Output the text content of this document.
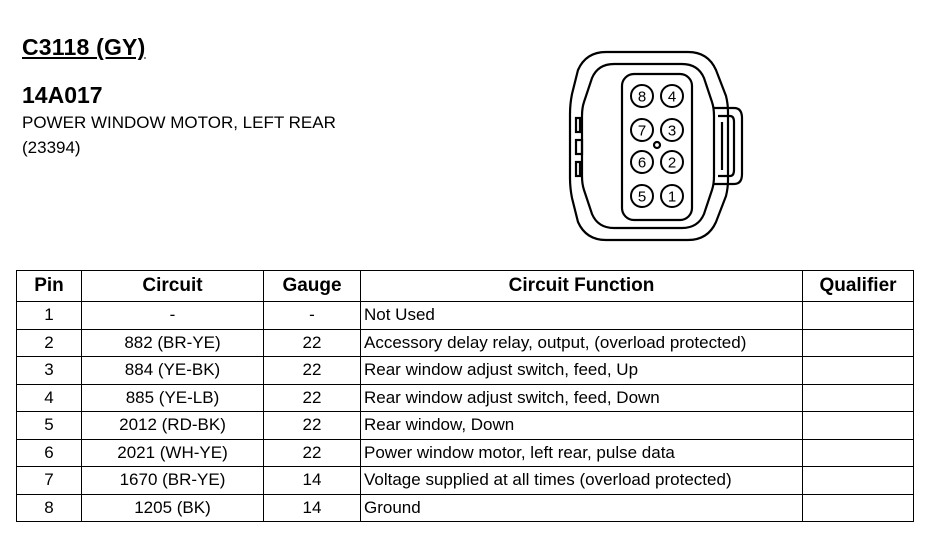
C3118 (GY)
14A017
POWER WINDOW MOTOR, LEFT REAR
(23394)
8 4
7 3
6 2
5 1
Pin	Circuit	Gauge	Circuit Function	Qualifier
1	-	-	Not Used	
2	882 (BR-YE)	22	Accessory delay relay, output, (overload protected)	
3	884 (YE-BK)	22	Rear window adjust switch, feed, Up	
4	885 (YE-LB)	22	Rear window adjust switch, feed, Down	
5	2012 (RD-BK)	22	Rear window, Down	
6	2021 (WH-YE)	22	Power window motor, left rear, pulse data	
7	1670 (BR-YE)	14	Voltage supplied at all times (overload protected)	
8	1205 (BK)	14	Ground	
